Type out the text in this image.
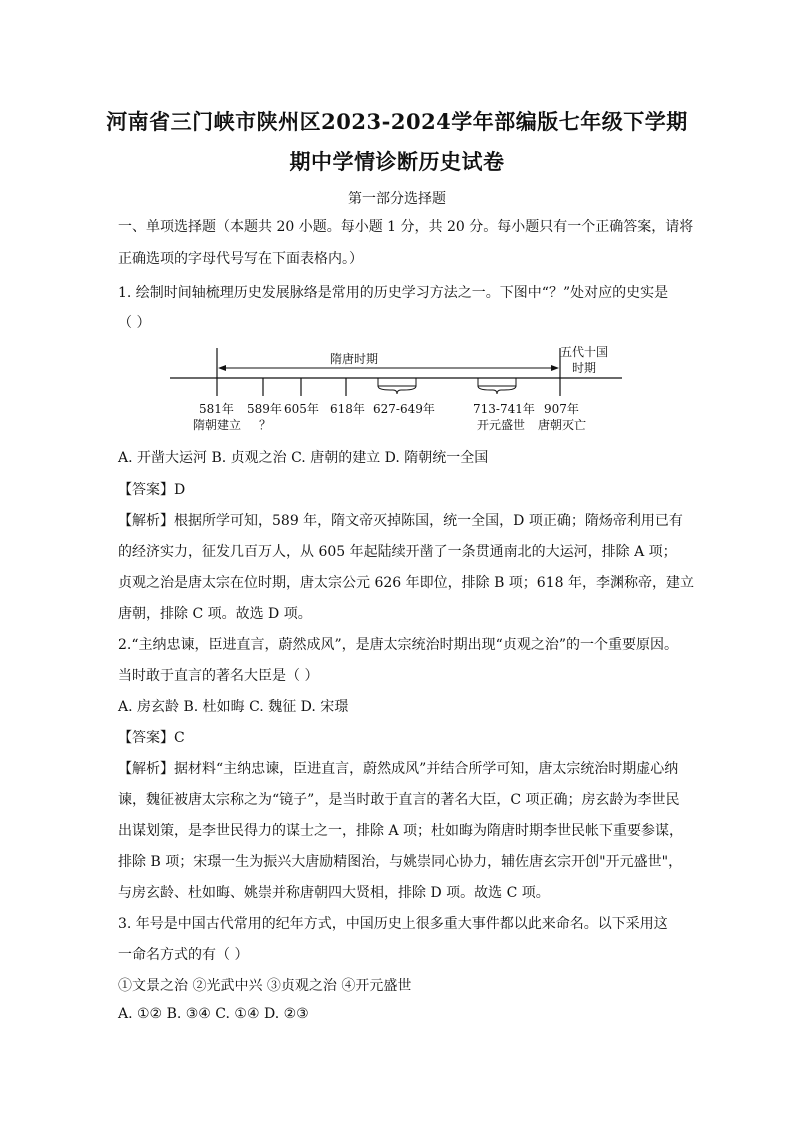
河南省三门峡市陕州区2023-2024学年部编版七年级下学期
期中学情诊断历史试卷
第一部分选择题
一、单项选择题（本题共 20 小题。每小题 1 分，共 20 分。每小题只有一个正确答案，请将
正确选项的字母代号写在下面表格内。）
1. 绘制时间轴梳理历史发展脉络是常用的历史学习方法之一。下图中“？”处对应的史实是
（ ）
隋唐时期	五代十国
时期
581年
隋朝建立
589年
？
605年 618年 627-649年	713-741年
开元盛世
907年
唐朝灭亡
A. 开凿大运河 B. 贞观之治 C. 唐朝的建立 D. 隋朝统一全国
【答案】D
【解析】根据所学可知，589 年，隋文帝灭掉陈国，统一全国，D 项正确；隋炀帝利用已有
的经济实力，征发几百万人，从 605 年起陆续开凿了一条贯通南北的大运河，排除 A 项；
贞观之治是唐太宗在位时期，唐太宗公元 626 年即位，排除 B 项；618 年，李渊称帝，建立
唐朝，排除 C 项。故选 D 项。
2.“主纳忠谏，臣进直言，蔚然成风”，是唐太宗统治时期出现“贞观之治”的一个重要原因。
当时敢于直言的著名大臣是（ ）
A. 房玄龄 B. 杜如晦 C. 魏征 D. 宋璟
【答案】C
【解析】据材料“主纳忠谏，臣进直言，蔚然成风”并结合所学可知，唐太宗统治时期虚心纳
谏，魏征被唐太宗称之为“镜子”，是当时敢于直言的著名大臣，C 项正确；房玄龄为李世民
出谋划策，是李世民得力的谋士之一，排除 A 项；杜如晦为隋唐时期李世民帐下重要参谋，
排除 B 项；宋璟一生为振兴大唐励精图治，与姚崇同心协力，辅佐唐玄宗开创"开元盛世"，
与房玄龄、杜如晦、姚崇并称唐朝四大贤相，排除 D 项。故选 C 项。
3. 年号是中国古代常用的纪年方式，中国历史上很多重大事件都以此来命名。以下采用这
一命名方式的有（ ）
①文景之治 ②光武中兴 ③贞观之治 ④开元盛世
A. ①② B. ③④ C. ①④ D. ②③
